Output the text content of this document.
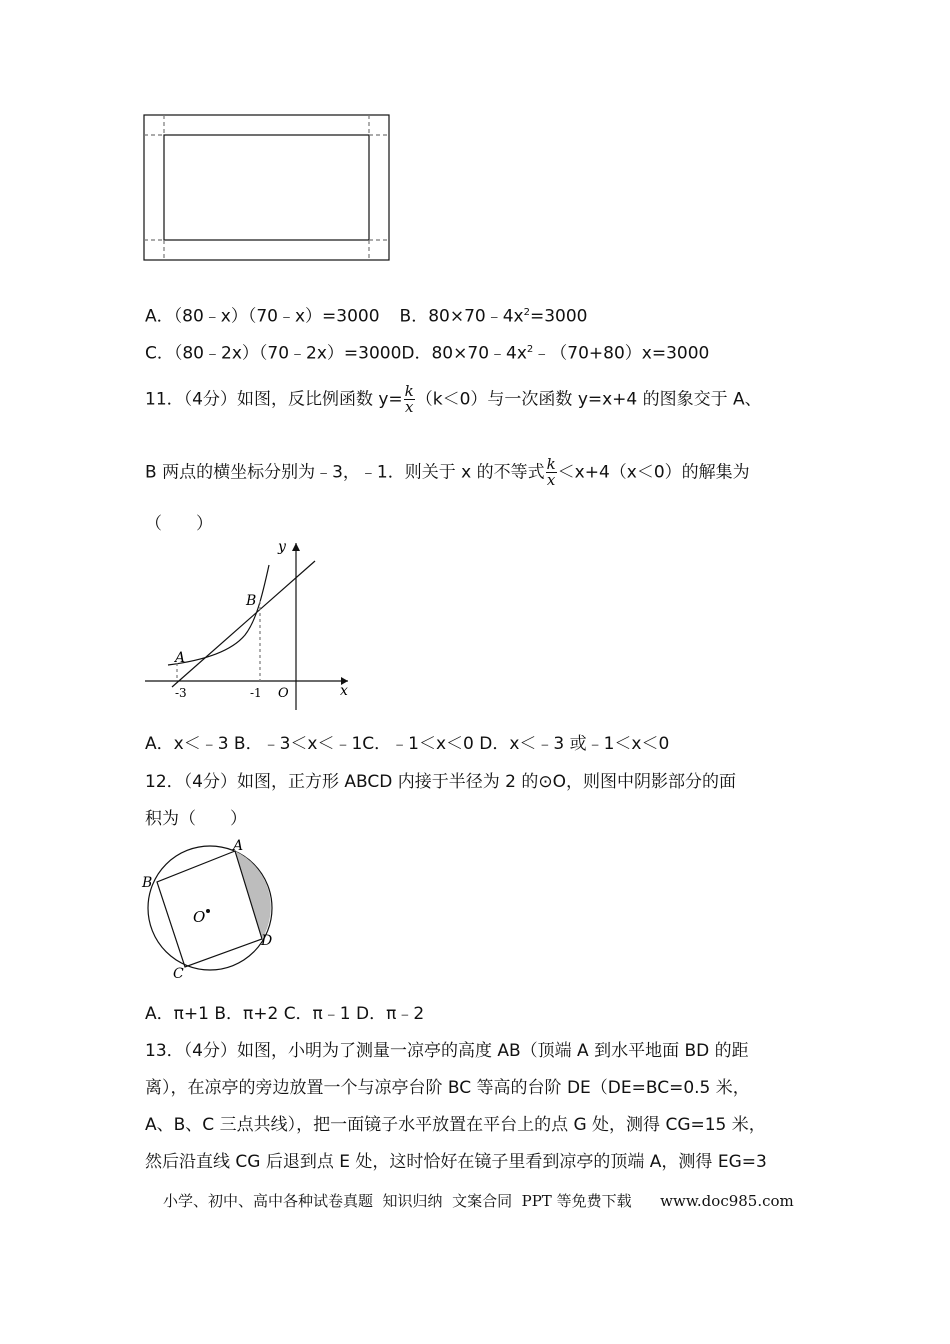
A．（80﹣x）（70﹣x）=3000 B．$80\times 70﹣4x^2=3000$
C．（80﹣2x）（70﹣2x）=3000D．$80\times 70﹣4x^2﹣(70+80)x=3000$
11．（4分）如图，反比例函数 $y= \frac{k}{x} (k<0)$与一次函数 y=x+4 的图象交于 A、
B 两点的横坐标分别为﹣3，﹣1．则关于 x 的不等式 $\frac{k}{x} <x+4(x<0)$的解集为
（　　）
y
x
A
B
O
-3	-1
A．x＜﹣3 B．﹣3＜x＜﹣1C．﹣1＜x＜0 D．x＜﹣3 或﹣1＜x＜0
12．（4分）如图，正方形 ABCD 内接于半径为 2 的⊙O，则图中阴影部分的面
积为（　　）
A
B
C
D
O
A．π+1 B．π+2 C．π﹣1 D．π﹣2
13．（4分）如图，小明为了测量一凉亭的高度 AB（顶端 A 到水平地面 BD 的距
离），在凉亭的旁边放置一个与凉亭台阶 BC 等高的台阶 DE（DE=BC=0.5 米，
A、B、C 三点共线），把一面镜子水平放置在平台上的点 G 处，测得 CG=15 米，
然后沿直线 CG 后退到点 E 处，这时恰好在镜子里看到凉亭的顶端 A，测得 EG=3
小学、初中、高中各种试卷真题  知识归纳  文案合同  PPT 等免费下载      www.doc985.com
